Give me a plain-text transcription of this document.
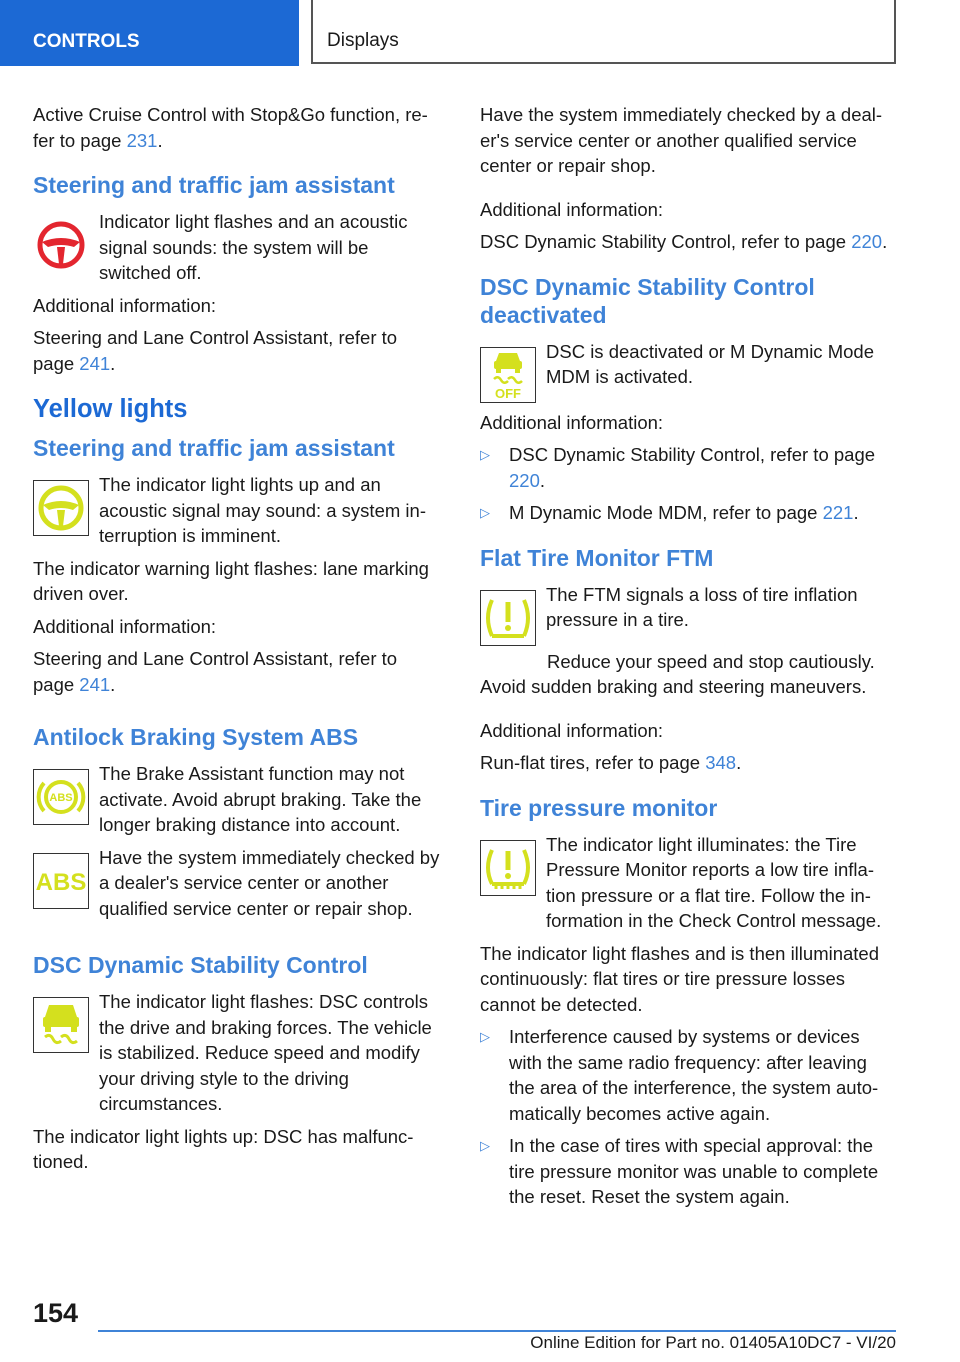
CONTROLS	Displays

Active Cruise Control with Stop&Go function, re-
fer to page 231.

Steering and traffic jam assistant
Indicator light flashes and an acoustic signal sounds: the system will be switched off.

Additional information:

Steering and Lane Control Assistant, refer to page 241.

Yellow lights
Steering and traffic jam assistant
The indicator light lights up and an acoustic signal may sound: a system in-terruption is imminent.

The indicator warning light flashes: lane marking driven over.

Additional information:

Steering and Lane Control Assistant, refer to page 241.

Antilock Braking System ABS
ABS
The Brake Assistant function may not activate. Avoid abrupt braking. Take the longer braking distance into account.
ABS
Have the system immediately checked by a dealer's service center or another qualified service center or repair shop.
DSC Dynamic Stability Control
The indicator light flashes: DSC controls the drive and braking forces. The vehicle is stabilized. Reduce speed and modify your driving style to the driving circumstances.

The indicator light lights up: DSC has malfunc-tioned.

Have the system immediately checked by a deal-er's service center or another qualified service center or repair shop.

Additional information:

DSC Dynamic Stability Control, refer to page 220.

DSC Dynamic Stability Control deactivated
OFF
DSC is deactivated or M Dynamic Mode MDM is activated.

Additional information:

▷ DSC Dynamic Stability Control, refer to page 220.
▷ M Dynamic Mode MDM, refer to page 221.
Flat Tire Monitor FTM
The FTM signals a loss of tire inflation pressure in a tire.

Reduce your speed and stop cautiously. Avoid sudden braking and steering maneuvers.

Additional information:

Run-flat tires, refer to page 348.

Tire pressure monitor
The indicator light illuminates: the Tire Pressure Monitor reports a low tire infla-tion pressure or a flat tire. Follow the in-formation in the Check Control message.

The indicator light flashes and is then illuminated continuously: flat tires or tire pressure losses cannot be detected.

▷ Interference caused by systems or devices with the same radio frequency: after leaving the area of the interference, the system auto-matically becomes active again.
▷ In the case of tires with special approval: the tire pressure monitor was unable to complete the reset. Reset the system again.
154
Online Edition for Part no. 01405A10DC7 - VI/20
